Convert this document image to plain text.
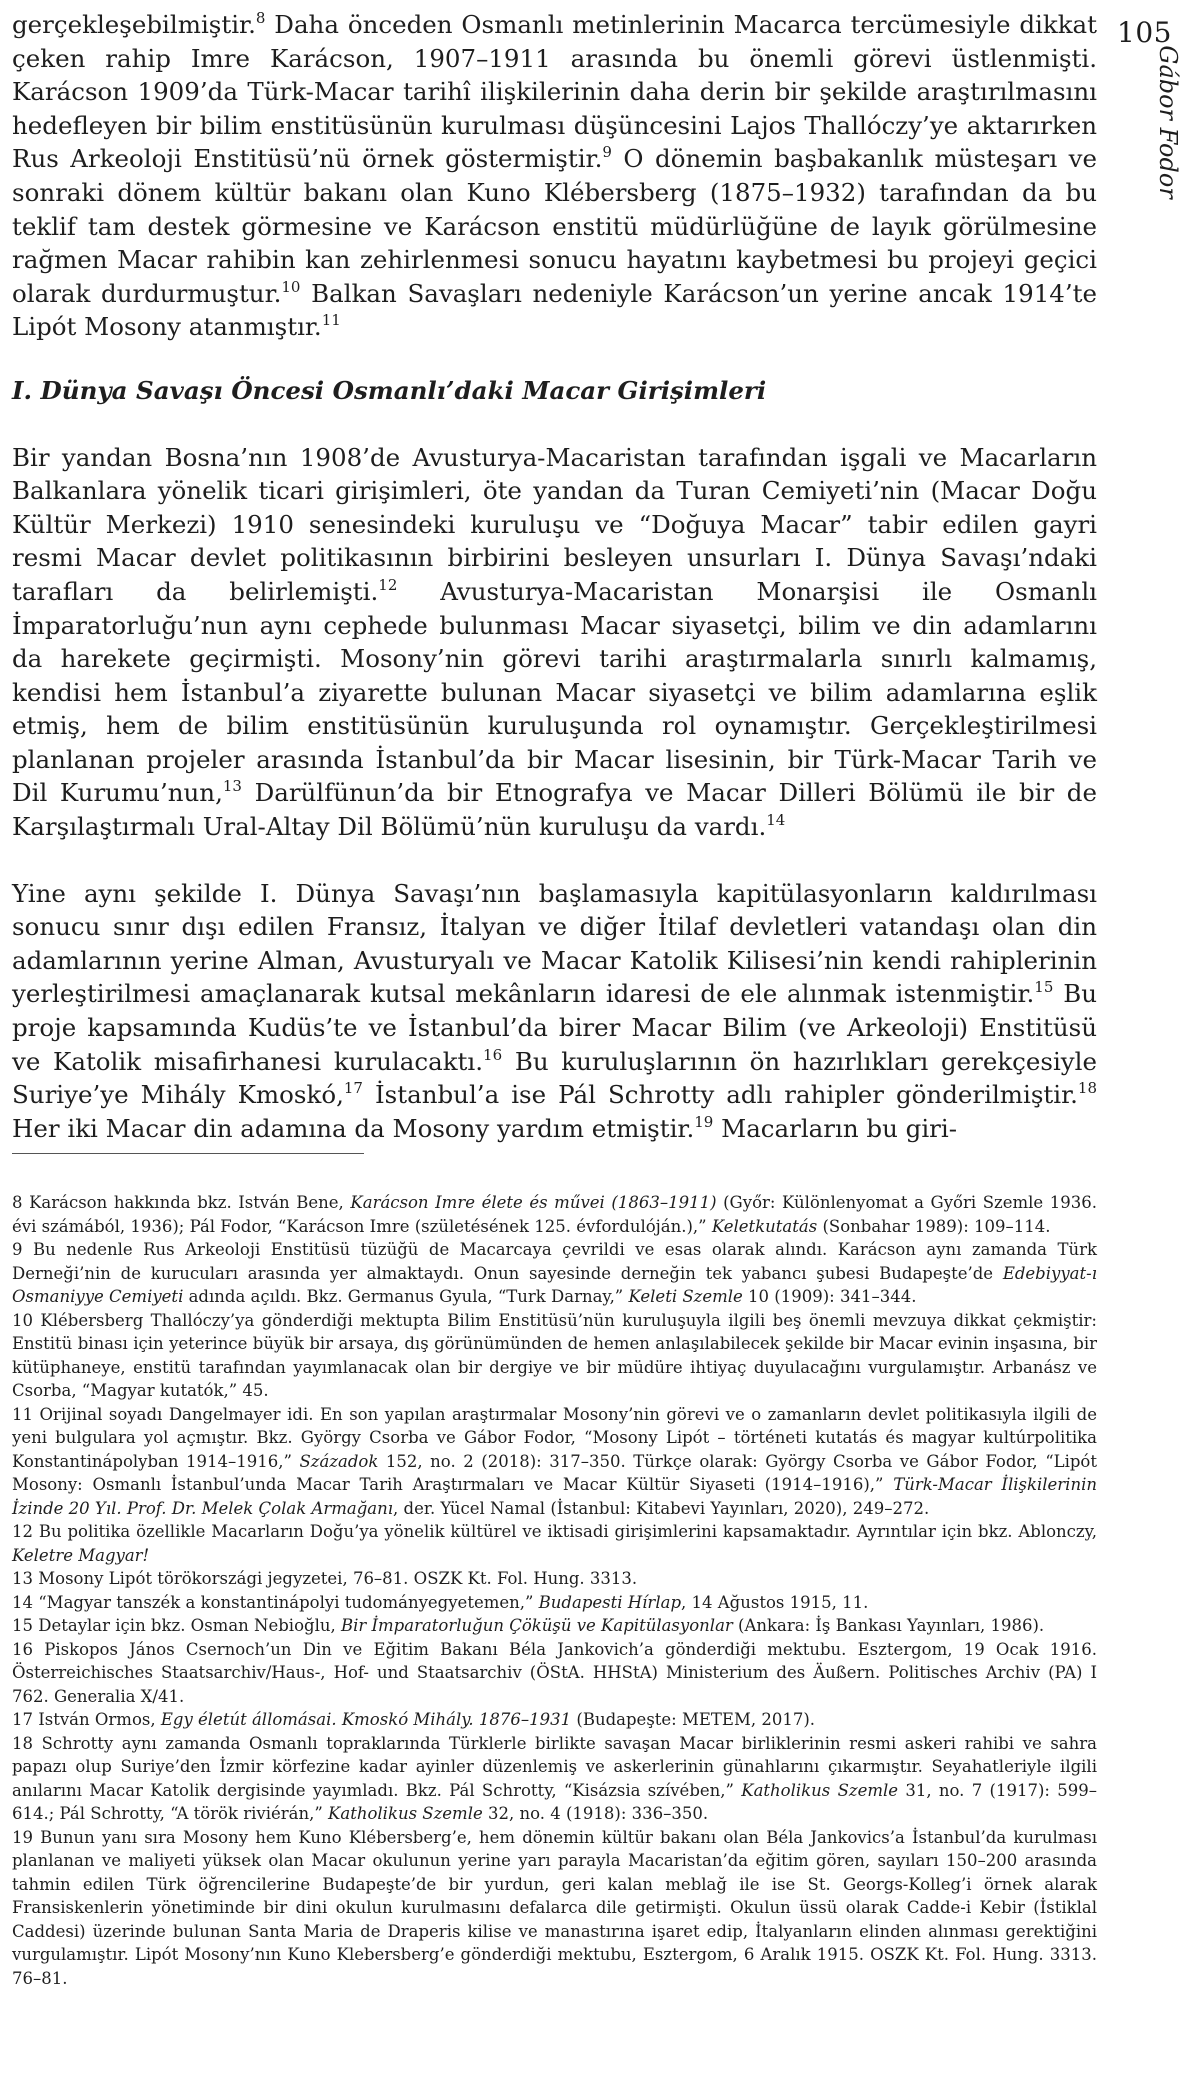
105
Gábor Fodor

gerçekleşebilmiştir.$^8$ Daha önceden Osmanlı metinlerinin Macarca tercümesiyle dikkat çeken rahip Imre Karácson, 1907–1911 arasında bu önemli görevi üstlenmişti. Karácson 1909’da Türk-Macar tarihî ilişkilerinin daha derin bir şekilde araştırılmasını hedefleyen bir bilim enstitüsünün kurulması düşüncesini Lajos Thallóczy’ye aktarırken Rus Arkeoloji Enstitüsü’nü örnek göstermiştir.$^9$ O dönemin başbakanlık müsteşarı ve sonraki dönem kültür bakanı olan Kuno Klébersberg (1875–1932) tarafından da bu teklif tam destek görmesine ve Karácson enstitü müdürlüğüne de layık görülmesine rağmen Macar rahibin kan zehirlenmesi sonucu hayatını kaybetmesi bu projeyi geçici olarak durdurmuştur.$^{10}$ Balkan Savaşları nedeniyle Karácson’un yerine ancak 1914’te Lipót Mosony atanmıştır.$^{11}$

I. Dünya Savaşı Öncesi Osmanlı’daki Macar Girişimleri

Bir yandan Bosna’nın 1908’de Avusturya-Macaristan tarafından işgali ve Macarların Balkanlara yönelik ticari girişimleri, öte yandan da Turan Cemiyeti’nin (Macar Doğu Kültür Merkezi) 1910 senesindeki kuruluşu ve “Doğuya Macar” tabir edilen gayri resmi Macar devlet politikasının birbirini besleyen unsurları I. Dünya Savaşı’ndaki tarafları da belirlemişti.$^{12}$ Avusturya-Macaristan Monarşisi ile Osmanlı İmparatorluğu’nun aynı cephede bulunması Macar siyasetçi, bilim ve din adamlarını da harekete geçirmişti. Mosony’nin görevi tarihi araştırmalarla sınırlı kalmamış, kendisi hem İstanbul’a ziyarette bulunan Macar siyasetçi ve bilim adamlarına eşlik etmiş, hem de bilim enstitüsünün kuruluşunda rol oynamıştır. Gerçekleştirilmesi planlanan projeler arasında İstanbul’da bir Macar lisesinin, bir Türk-Macar Tarih ve Dil Kurumu’nun,$^{13}$ Darülfünun’da bir Etnografya ve Macar Dilleri Bölümü ile bir de Karşılaştırmalı Ural-Altay Dil Bölümü’nün kuruluşu da vardı.$^{14}$

Yine aynı şekilde I. Dünya Savaşı’nın başlamasıyla kapitülasyonların kaldırılması sonucu sınır dışı edilen Fransız, İtalyan ve diğer İtilaf devletleri vatandaşı olan din adamlarının yerine Alman, Avusturyalı ve Macar Katolik Kilisesi’nin kendi rahiplerinin yerleştirilmesi amaçlanarak kutsal mekânların idaresi de ele alınmak istenmiştir.$^{15}$ Bu proje kapsamında Kudüs’te ve İstanbul’da birer Macar Bilim (ve Arkeoloji) Enstitüsü ve Katolik misafirhanesi kurulacaktı.$^{16}$ Bu kuruluşlarının ön hazırlıkları gerekçesiyle Suriye’ye Mihály Kmoskó,$^{17}$ İstanbul’a ise Pál Schrotty adlı rahipler gönderilmiştir.$^{18}$ Her iki Macar din adamına da Mosony yardım etmiştir.$^{19}$ Macarların bu giri-

8 Karácson hakkında bkz. István Bene, Karácson Imre élete és művei (1863–1911) (Győr: Különlenyomat a Győri Szemle 1936. évi számából, 1936); Pál Fodor, “Karácson Imre (születésének 125. évfordulóján.),” Keletkutatás (Sonbahar 1989): 109–114.

9 Bu nedenle Rus Arkeoloji Enstitüsü tüzüğü de Macarcaya çevrildi ve esas olarak alındı. Karácson aynı zamanda Türk Derneği’nin de kurucuları arasında yer almaktaydı. Onun sayesinde derneğin tek yabancı şubesi Budapeşte’de Edebiyyat-ı Osmaniyye Cemiyeti adında açıldı. Bkz. Germanus Gyula, “Turk Darnay,” Keleti Szemle 10 (1909): 341–344.

10 Klébersberg Thallóczy’ya gönderdiği mektupta Bilim Enstitüsü’nün kuruluşuyla ilgili beş önemli mevzuya dikkat çekmiştir: Enstitü binası için yeterince büyük bir arsaya, dış görünümünden de hemen anlaşılabilecek şekilde bir Macar evinin inşasına, bir kütüphaneye, enstitü tarafından yayımlanacak olan bir dergiye ve bir müdüre ihtiyaç duyulacağını vurgulamıştır. Arbanász ve Csorba, “Magyar kutatók,” 45.

11 Orijinal soyadı Dangelmayer idi. En son yapılan araştırmalar Mosony’nin görevi ve o zamanların devlet politikasıyla ilgili de yeni bulgulara yol açmıştır. Bkz. György Csorba ve Gábor Fodor, “Mosony Lipót – történeti kutatás és magyar kultúrpolitika Konstantinápolyban 1914–1916,” Századok 152, no. 2 (2018): 317–350. Türkçe olarak: György Csorba ve Gábor Fodor, “Lipót Mosony: Osmanlı İstanbul’unda Macar Tarih Araştırmaları ve Macar Kültür Siyaseti (1914–1916),” Türk-Macar İlişkilerinin İzinde 20 Yıl. Prof. Dr. Melek Çolak Armağanı, der. Yücel Namal (İstanbul: Kitabevi Yayınları, 2020), 249–272.

12 Bu politika özellikle Macarların Doğu’ya yönelik kültürel ve iktisadi girişimlerini kapsamaktadır. Ayrıntılar için bkz. Ablonczy, Keletre Magyar!

13 Mosony Lipót törökországi jegyzetei, 76–81. OSZK Kt. Fol. Hung. 3313.

14 “Magyar tanszék a konstantinápolyi tudományegyetemen,” Budapesti Hírlap, 14 Ağustos 1915, 11.

15 Detaylar için bkz. Osman Nebioğlu, Bir İmparatorluğun Çöküşü ve Kapitülasyonlar (Ankara: İş Bankası Yayınları, 1986).

16 Piskopos János Csernoch’un Din ve Eğitim Bakanı Béla Jankovich’a gönderdiği mektubu. Esztergom, 19 Ocak 1916. Österreichisches Staatsarchiv/Haus-, Hof- und Staatsarchiv (ÖStA. HHStA) Ministerium des Äußern. Politisches Archiv (PA) I 762. Generalia X/41.

17 István Ormos, Egy életút állomásai. Kmoskó Mihály. 1876–1931 (Budapeşte: METEM, 2017).

18 Schrotty aynı zamanda Osmanlı topraklarında Türklerle birlikte savaşan Macar birliklerinin resmi askeri rahibi ve sahra papazı olup Suriye’den İzmir körfezine kadar ayinler düzenlemiş ve askerlerinin günahlarını çıkarmıştır. Seyahatleriyle ilgili anılarını Macar Katolik dergisinde yayımladı. Bkz. Pál Schrotty, “Kisázsia szívében,” Katholikus Szemle 31, no. 7 (1917): 599–614.; Pál Schrotty, “A török riviérán,” Katholikus Szemle 32, no. 4 (1918): 336–350.

19 Bunun yanı sıra Mosony hem Kuno Klébersberg’e, hem dönemin kültür bakanı olan Béla Jankovics’a İstanbul’da kurulması planlanan ve maliyeti yüksek olan Macar okulunun yerine yarı parayla Macaristan’da eğitim gören, sayıları 150–200 arasında tahmin edilen Türk öğrencilerine Budapeşte’de bir yurdun, geri kalan meblağ ile ise St. Georgs-Kolleg’i örnek alarak Fransiskenlerin yönetiminde bir dini okulun kurulmasını defalarca dile getirmişti. Okulun üssü olarak Cadde-i Kebir (İstiklal Caddesi) üzerinde bulunan Santa Maria de Draperis kilise ve manastırına işaret edip, İtalyanların elinden alınması gerektiğini vurgulamıştır. Lipót Mosony’nın Kuno Klebersberg’e gönderdiği mektubu, Esztergom, 6 Aralık 1915. OSZK Kt. Fol. Hung. 3313. 76–81.
